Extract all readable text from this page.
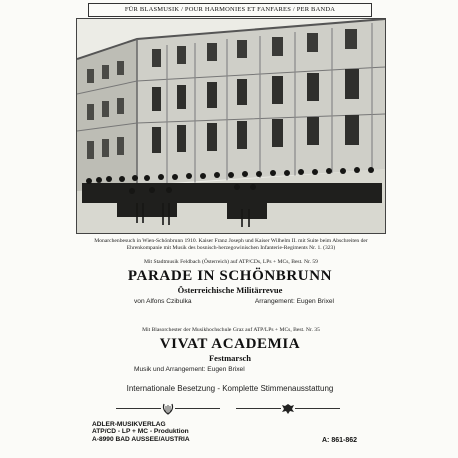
FÜR BLASMUSIK / POUR HARMONIES ET FANFARES / PER BANDA
Monarchenbesuch in Wien-Schönbrunn 1910. Kaiser Franz Joseph und Kaiser Wilhelm II. mit Suite beim Abschreiten der Ehrenkompanie mit Musik des bosnisch-herzegowinischen Infanterie-Regiments Nr. 1. (323)
Mit Stadtmusik Feldbach (Österreich) auf ATP/CDs, LPs + MCs, Best. Nr. 59
PARADE IN SCHÖNBRUNN
Österreichische Militärrevue
von Alfons Czibulka	Arrangement: Eugen Brixel
Mit Blasorchester der Musikhochschule Graz auf ATP/LPs + MCs, Best. Nr. 35
VIVAT ACADEMIA
Festmarsch
Musik und Arrangement: Eugen Brixel
Internationale Besetzung - Komplette Stimmenausstattung
ADLER-MUSIKVERLAG
ATP/CD - LP + MC - Produktion
A-8990 BAD AUSSEE/AUSTRIA	A: 861-862
